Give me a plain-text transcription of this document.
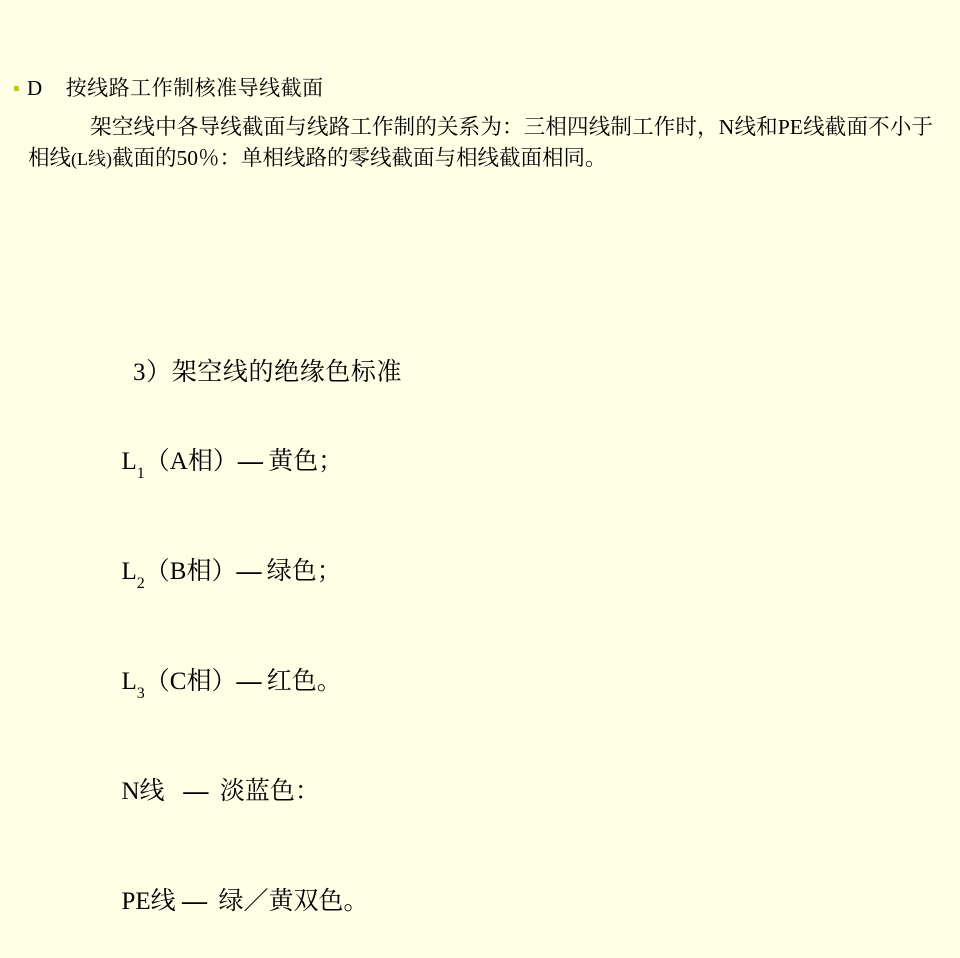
D
按线路工作制核准导线截面
架空线中各导线截面与线路工作制的关系为：三相四线制工作时，N线和PE线截面不小于相线(L线)截面的50％：单相线路的零线截面与相线截面相同。
3）架空线的绝缘色标准

$L_1(A$相）— 黄色；

$L_2(B$相）— 绿色；

$L_3(C$相）— 红色。

N线 —  淡蓝色：

PE线 —  绿／黄双色。
